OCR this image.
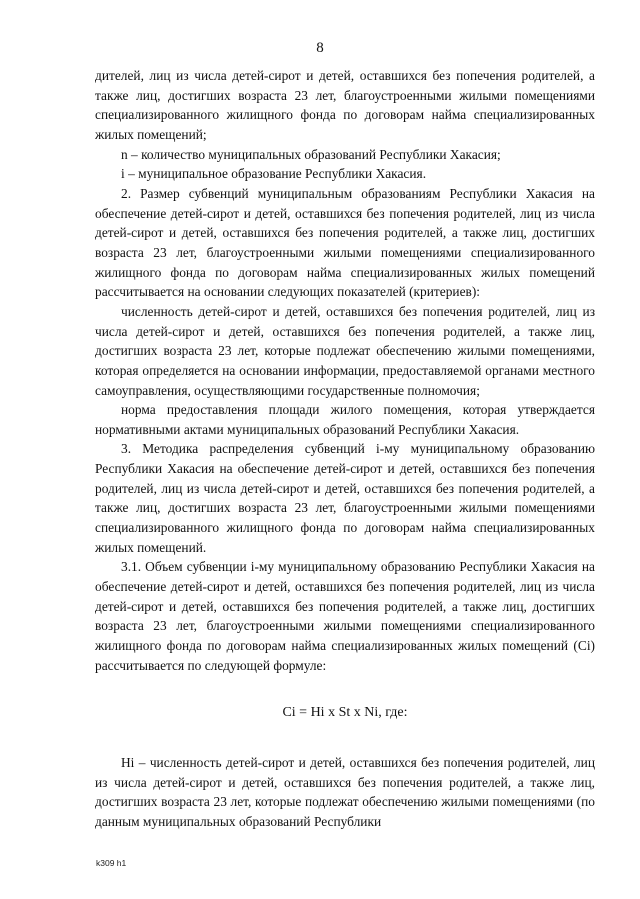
8

дителей, лиц из числа детей-сирот и детей, оставшихся без попечения родителей, а также лиц, достигших возраста 23 лет, благоустроенными жилыми помещениями специализированного жилищного фонда по договорам найма специализированных жилых помещений;

n – количество муниципальных образований Республики Хакасия;

i – муниципальное образование Республики Хакасия.

2. Размер субвенций муниципальным образованиям Республики Хакасия на обеспечение детей-сирот и детей, оставшихся без попечения родителей, лиц из числа детей-сирот и детей, оставшихся без попечения родителей, а также лиц, достигших возраста 23 лет, благоустроенными жилыми помещениями специализированного жилищного фонда по договорам найма специализированных жилых помещений рассчитывается на основании следующих показателей (критериев):

численность детей-сирот и детей, оставшихся без попечения родителей, лиц из числа детей-сирот и детей, оставшихся без попечения родителей, а также лиц, достигших возраста 23 лет, которые подлежат обеспечению жилыми помещениями, которая определяется на основании информации, предоставляемой органами местного самоуправления, осуществляющими государственные полномочия;

норма предоставления площади жилого помещения, которая утверждается нормативными актами муниципальных образований Республики Хакасия.

3. Методика распределения субвенций i-му муниципальному образованию Республики Хакасия на обеспечение детей-сирот и детей, оставшихся без попечения родителей, лиц из числа детей-сирот и детей, оставшихся без попечения родителей, а также лиц, достигших возраста 23 лет, благоустроенными жилыми помещениями специализированного жилищного фонда по договорам найма специализированных жилых помещений.

3.1. Объем субвенции i-му муниципальному образованию Республики Хакасия на обеспечение детей-сирот и детей, оставшихся без попечения родителей, лиц из числа детей-сирот и детей, оставшихся без попечения родителей, а также лиц, достигших возраста 23 лет, благоустроенными жилыми помещениями специализированного жилищного фонда по договорам найма специализированных жилых помещений (Ci) рассчитывается по следующей формуле:

Ci = Hi x St x Ni, где:

Hi – численность детей-сирот и детей, оставшихся без попечения родителей, лиц из числа детей-сирот и детей, оставшихся без попечения родителей, а также лиц, достигших возраста 23 лет, которые подлежат обеспечению жилыми помещениями (по данным муниципальных образований Республики

k309 h1
